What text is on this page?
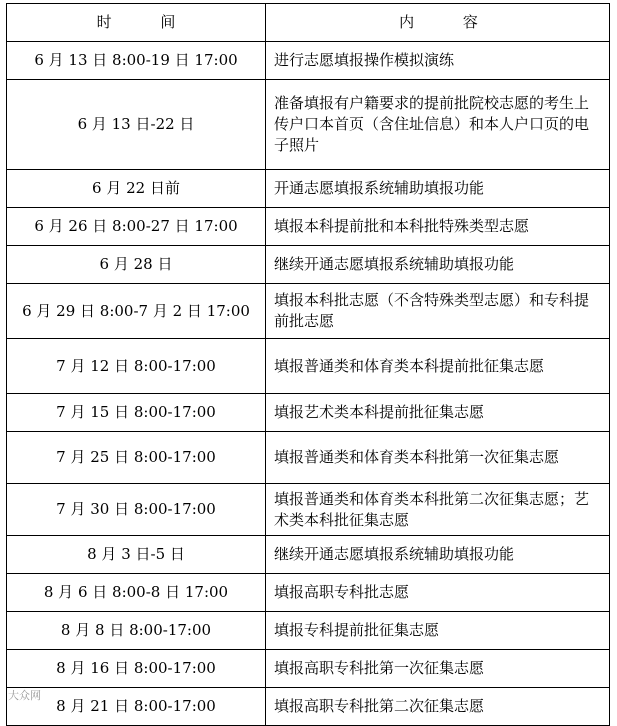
时 间	内 容
6 月 13 日 8:00-19 日 17:00	进行志愿填报操作模拟演练
6 月 13 日-22 日	准备填报有户籍要求的提前批院校志愿的考生上传户口本首页（含住址信息）和本人户口页的电子照片
6 月 22 日前	开通志愿填报系统辅助填报功能
6 月 26 日 8:00-27 日 17:00	填报本科提前批和本科批特殊类型志愿
6 月 28 日	继续开通志愿填报系统辅助填报功能
6 月 29 日 8:00-7 月 2 日 17:00	填报本科批志愿（不含特殊类型志愿）和专科提前批志愿
7 月 12 日 8:00-17:00	填报普通类和体育类本科提前批征集志愿
7 月 15 日 8:00-17:00	填报艺术类本科提前批征集志愿
7 月 25 日 8:00-17:00	填报普通类和体育类本科批第一次征集志愿
7 月 30 日 8:00-17:00	填报普通类和体育类本科批第二次征集志愿；艺术类本科批征集志愿
8 月 3 日-5 日	继续开通志愿填报系统辅助填报功能
8 月 6 日 8:00-8 日 17:00	填报高职专科批志愿
8 月 8 日 8:00-17:00	填报专科提前批征集志愿
8 月 16 日 8:00-17:00	填报高职专科批第一次征集志愿
8 月 21 日 8:00-17:00	填报高职专科批第二次征集志愿
大众网
